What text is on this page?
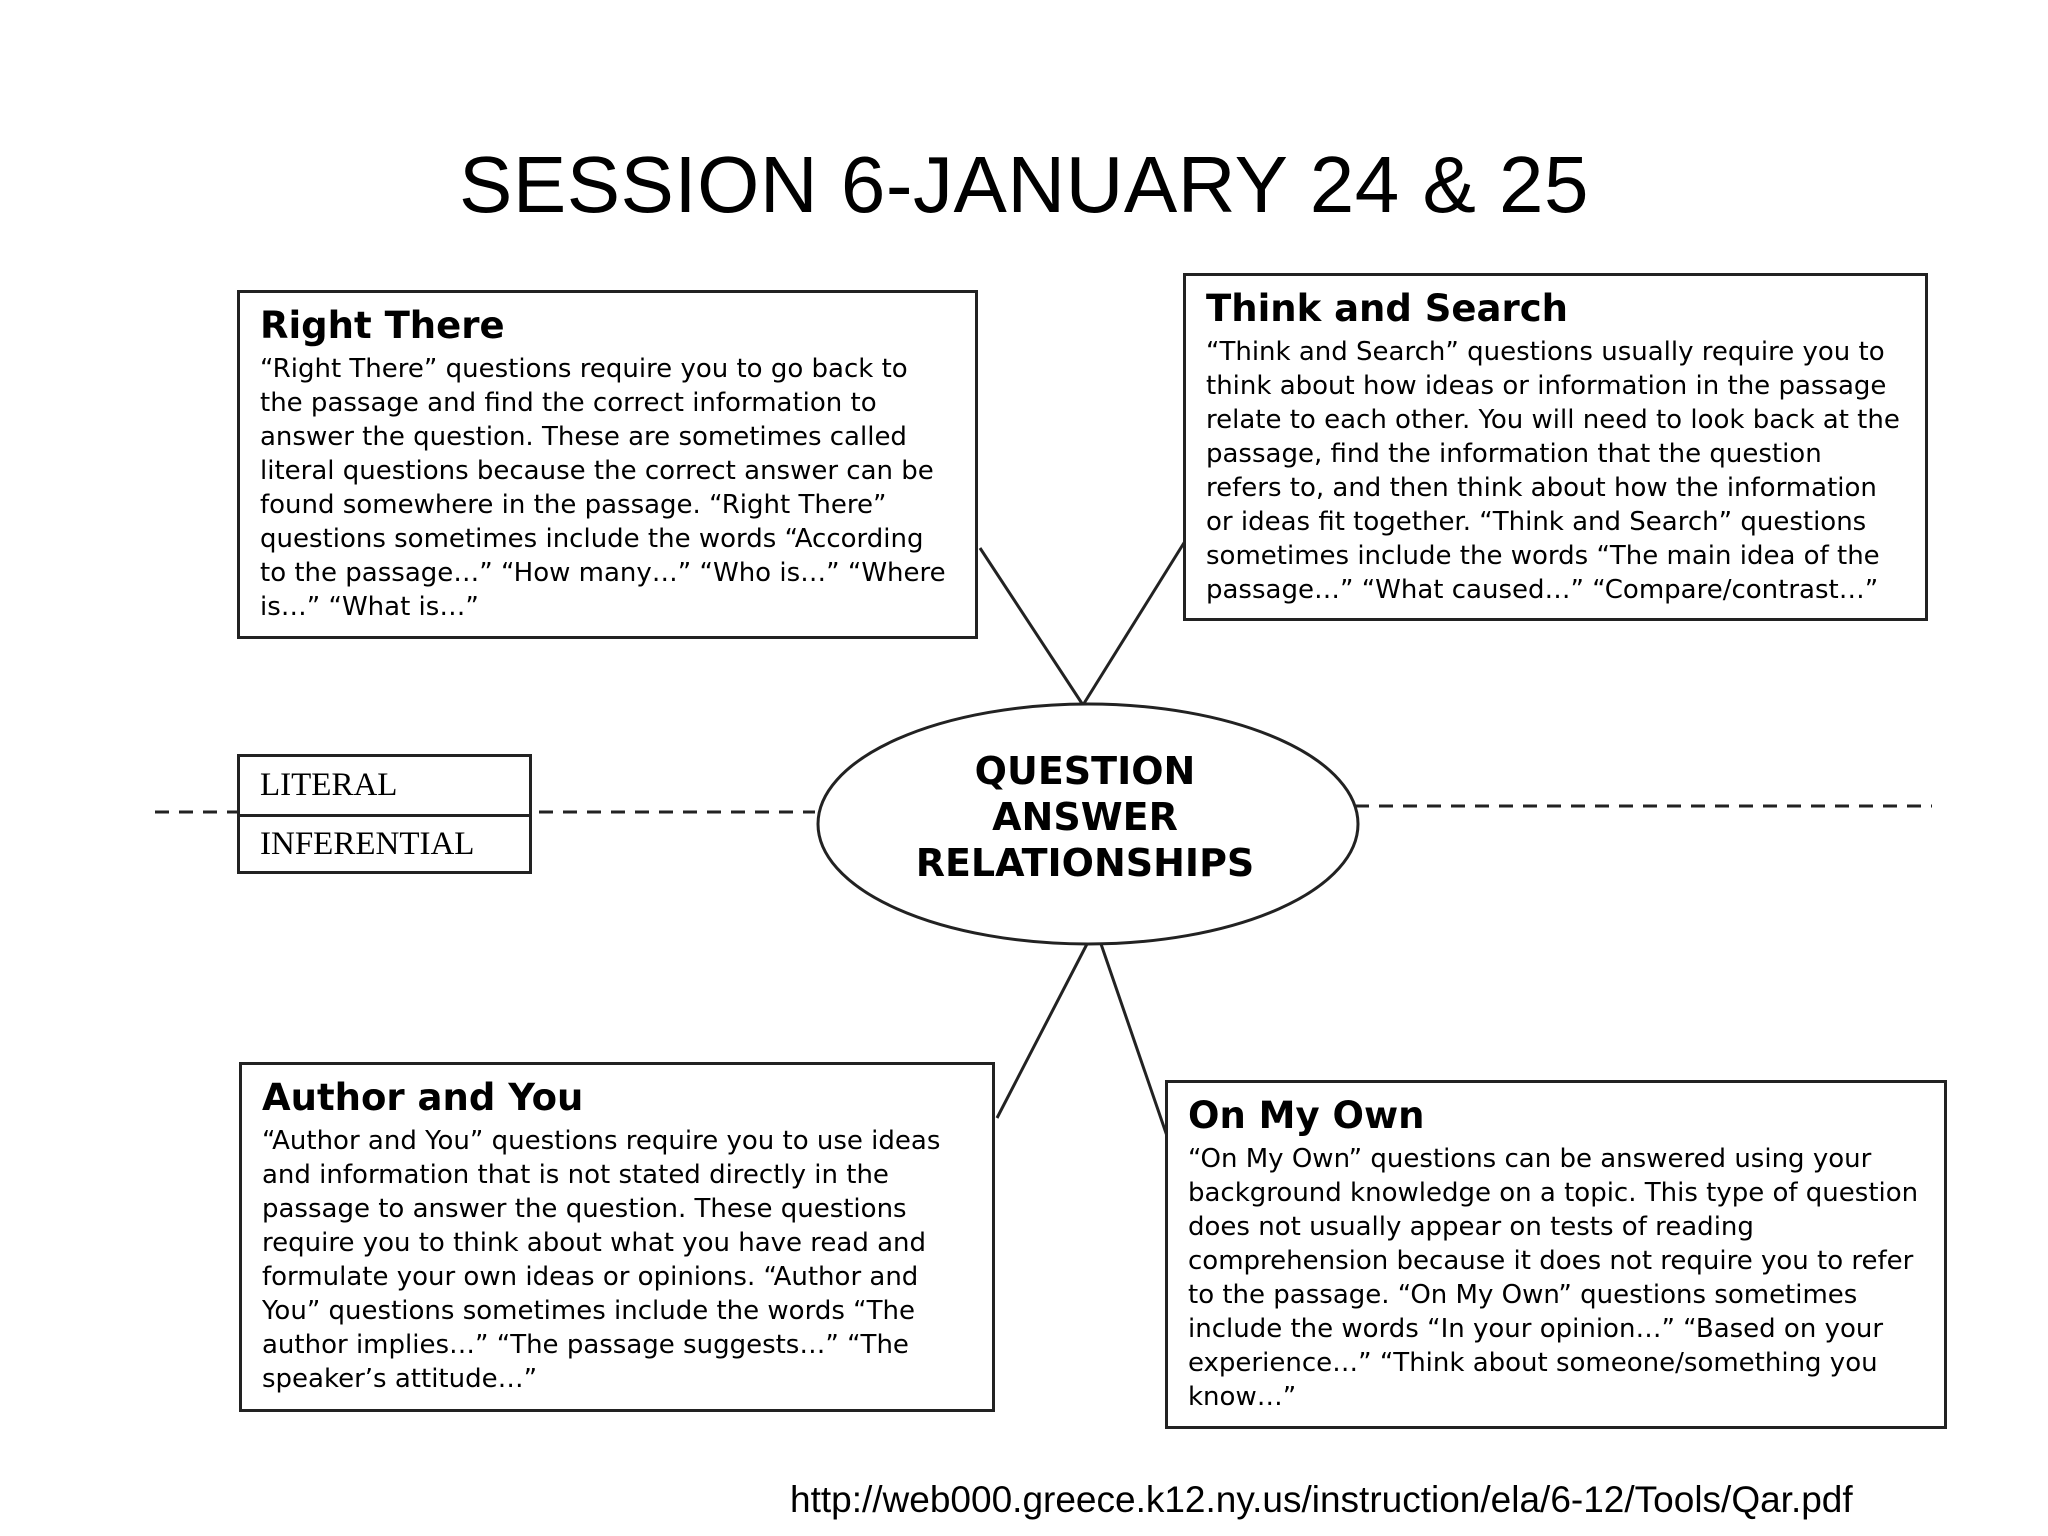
SESSION 6-JANUARY 24 & 25
Right There

“Right There” questions require you to go back to the passage and find the correct information to answer the question. These are sometimes called literal questions because the correct answer can be found somewhere in the passage. “Right There” questions sometimes include the words “According to the passage…” “How many…” “Who is…” “Where is…” “What is…”

Think and Search

“Think and Search” questions usually require you to think about how ideas or information in the passage relate to each other. You will need to look back at the passage, find the information that the question refers to, and then think about how the information or ideas fit together. “Think and Search” questions sometimes include the words “The main idea of the passage…” “What caused…” “Compare/contrast…”

LITERAL
INFERENTIAL
QUESTION
ANSWER
RELATIONSHIPS
Author and You

“Author and You” questions require you to use ideas and information that is not stated directly in the passage to answer the question. These questions require you to think about what you have read and formulate your own ideas or opinions. “Author and You” questions sometimes include the words “The author implies…” “The passage suggests…” “The speaker’s attitude…”

On My Own

“On My Own” questions can be answered using your background knowledge on a topic. This type of question does not usually appear on tests of reading comprehension because it does not require you to refer to the passage. “On My Own” questions sometimes include the words “In your opinion…” “Based on your experience…” “Think about someone/something you know…”

http://web000.greece.k12.ny.us/instruction/ela/6-12/Tools/Qar.pdf
